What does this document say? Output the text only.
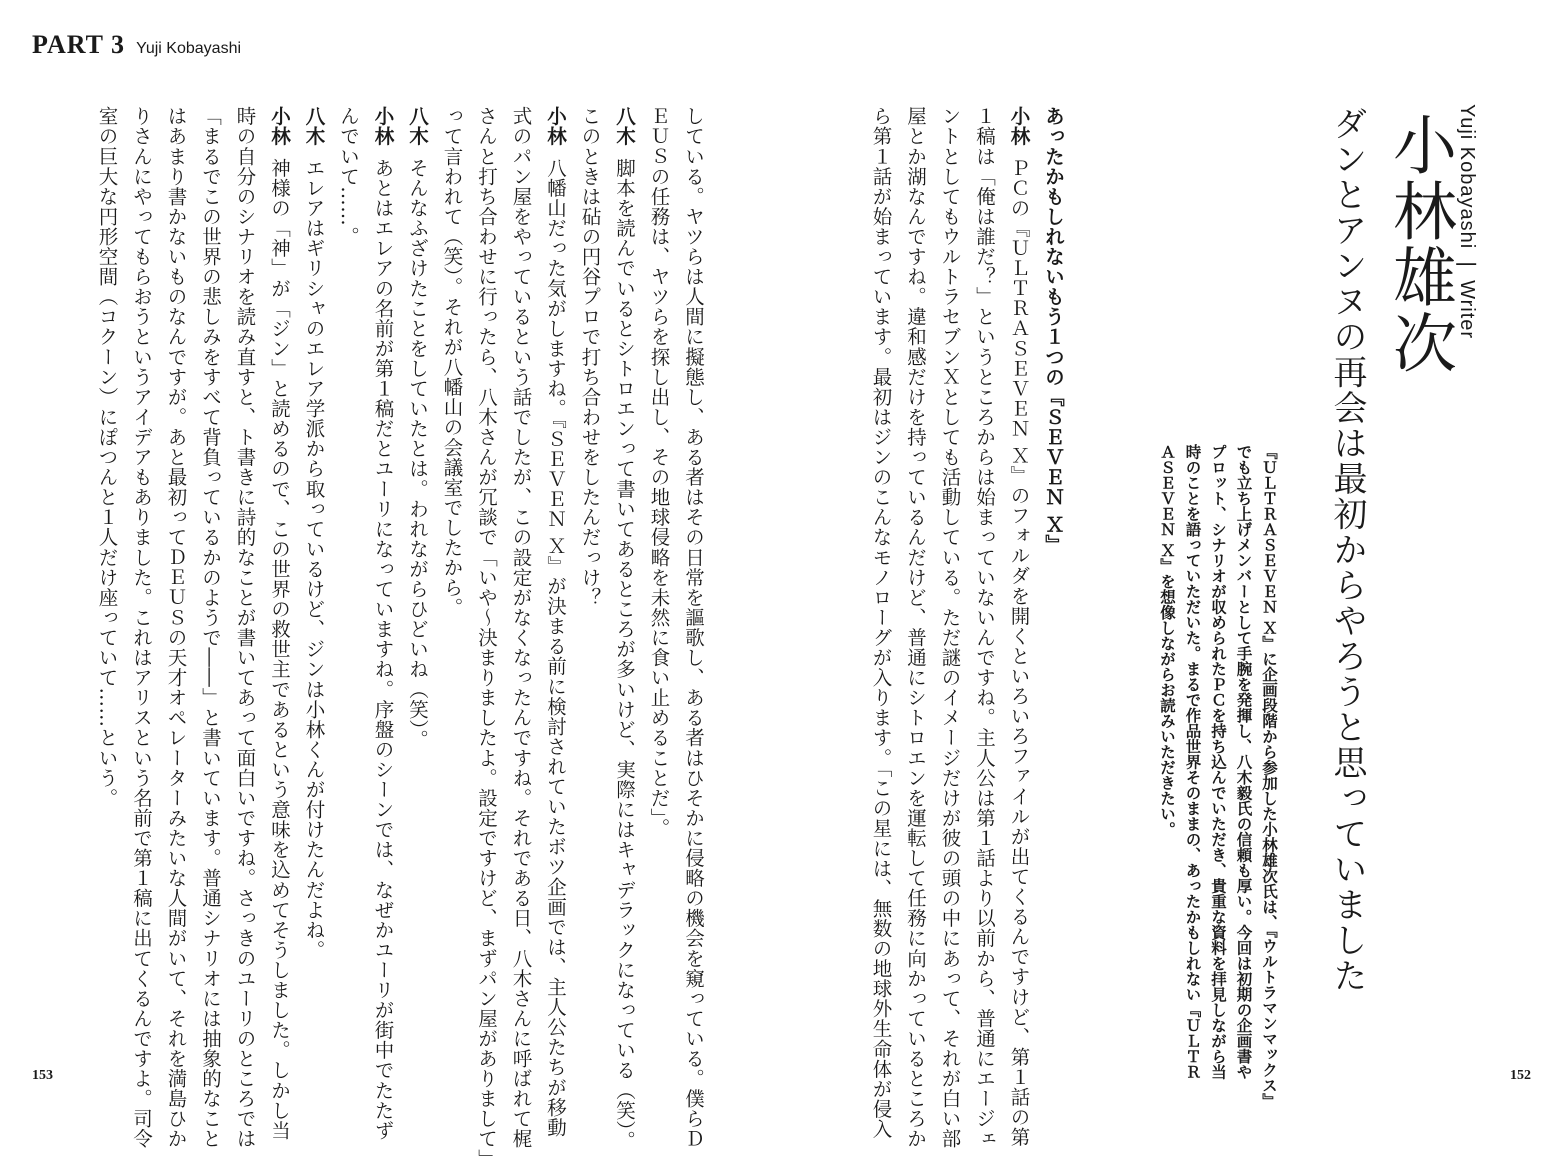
PART 3 Yuji Kobayashi
Yuji Kobayashi ❘ Writer
小林雄次
ダンとアンヌの再会は最初からやろうと思っていました

『ＵＬＴＲＡＳＥＶＥＮ Ｘ』に企画段階から参加した小林雄次氏は、『ウルトラマンマックス』

でも立ち上げメンバーとして手腕を発揮し、八木毅氏の信頼も厚い。今回は初期の企画書や

プロット、シナリオが収められたＰＣを持ち込んでいただき、貴重な資料を拝見しながら当

時のことを語っていただいた。まるで作品世界そのままの、あったかもしれない『ＵＬＴＲ

ＡＳＥＶＥＮ Ｘ』を想像しながらお読みいただきたい。

あったかもしれないもう１つの『ＳＥＶＥＮ Ｘ』

小林ＰＣの『ＵＬＴＲＡＳＥＶＥＮ Ｘ』のフォルダを開くといろいろファイルが出てくるんですけど、第１話の第

１稿は「俺は誰だ？」というところからは始まっていないんですね。主人公は第１話より以前から、普通にエージェ

ントとしてもウルトラセブンＸとしても活動している。ただ謎のイメージだけが彼の頭の中にあって、それが白い部

屋とか湖なんですね。違和感だけを持っているんだけど、普通にシトロエンを運転して任務に向かっているところか

ら第１話が始まっています。最初はジンのこんなモノローグが入ります。「この星には、無数の地球外生命体が侵入

している。ヤツらは人間に擬態し、ある者はその日常を謳歌し、ある者はひそかに侵略の機会を窺っている。僕らＤ

ＥＵＳの任務は、ヤツらを探し出し、その地球侵略を未然に食い止めることだ」。

八木脚本を読んでいるとシトロエンって書いてあるところが多いけど、実際にはキャデラックになっている（笑）。

このときは砧の円谷プロで打ち合わせをしたんだっけ？

小林八幡山だった気がしますね。『ＳＥＶＥＮ Ｘ』が決まる前に検討されていたボツ企画では、主人公たちが移動

式のパン屋をやっているという話でしたが、この設定がなくなったんですね。それである日、八木さんに呼ばれて梶

さんと打ち合わせに行ったら、八木さんが冗談で「いや〜決まりましたよ。設定ですけど、まずパン屋がありまして」

って言われて（笑）。それが八幡山の会議室でしたから。

八木そんなふざけたことをしていたとは。われながらひどいね（笑）。

小林あとはエレアの名前が第１稿だとユーリになっていますね。序盤のシーンでは、なぜかユーリが街中でたたず

んでいて……。

八木エレアはギリシャのエレア学派から取っているけど、ジンは小林くんが付けたんだよね。

小林神様の「神」が「ジン」と読めるので、この世界の救世主であるという意味を込めてそうしました。しかし当

時の自分のシナリオを読み直すと、ト書きに詩的なことが書いてあって面白いですね。さっきのユーリのところでは

「まるでこの世界の悲しみをすべて背負っているかのようで――」と書いています。普通シナリオには抽象的なこと

はあまり書かないものなんですが。あと最初ってＤＥＵＳの天才オペレーターみたいな人間がいて、それを満島ひか

りさんにやってもらおうというアイデアもありました。これはアリスという名前で第１稿に出てくるんですよ。司令

室の巨大な円形空間（コクーン）にぽつんと１人だけ座っていて……という。

153	152
